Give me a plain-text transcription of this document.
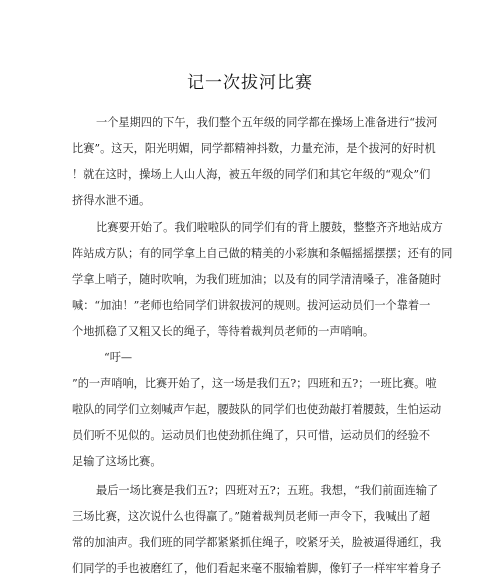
记一次拔河比赛
一个星期四的下午，我们整个五年级的同学都在操场上准备进行“拔河
比赛”。这天，阳光明媚，同学都精神抖数，力量充沛，是个拔河的好时机
！就在这时，操场上人山人海，被五年级的同学们和其它年级的“观众”们
挤得水泄不通。
比赛要开始了。我们啦啦队的同学们有的背上腰鼓，整整齐齐地站成方
阵站成方队；有的同学拿上自己做的精美的小彩旗和条幅摇摇摆摆；还有的同
学拿上哨子，随时吹响，为我们班加油；以及有的同学清清嗓子，准备随时
喊：“加油！”老师也给同学们讲叙拔河的规则。拔河运动员们一个靠着一
个地抓稳了又粗又长的绳子，等待着裁判员老师的一声哨响。
“吁—
”的一声哨响，比赛开始了，这一场是我们五?；四班和五?；一班比赛。啦
啦队的同学们立刻喊声乍起，腰鼓队的同学们也使劲敲打着腰鼓，生怕运动
员们听不见似的。运动员们也使劲抓住绳了，只可惜，运动员们的经验不
足输了这场比赛。
最后一场比赛是我们五?；四班对五?；五班。我想，“我们前面连输了
三场比赛，这次说什么也得赢了。”随着裁判员老师一声令下，我喊出了超
常的加油声。我们班的同学都紧紧抓住绳子，咬紧牙关，脸被逼得通红，我
们同学的手也被磨红了，他们看起来毫不服输着脚，像钉子一样牢牢着身子
